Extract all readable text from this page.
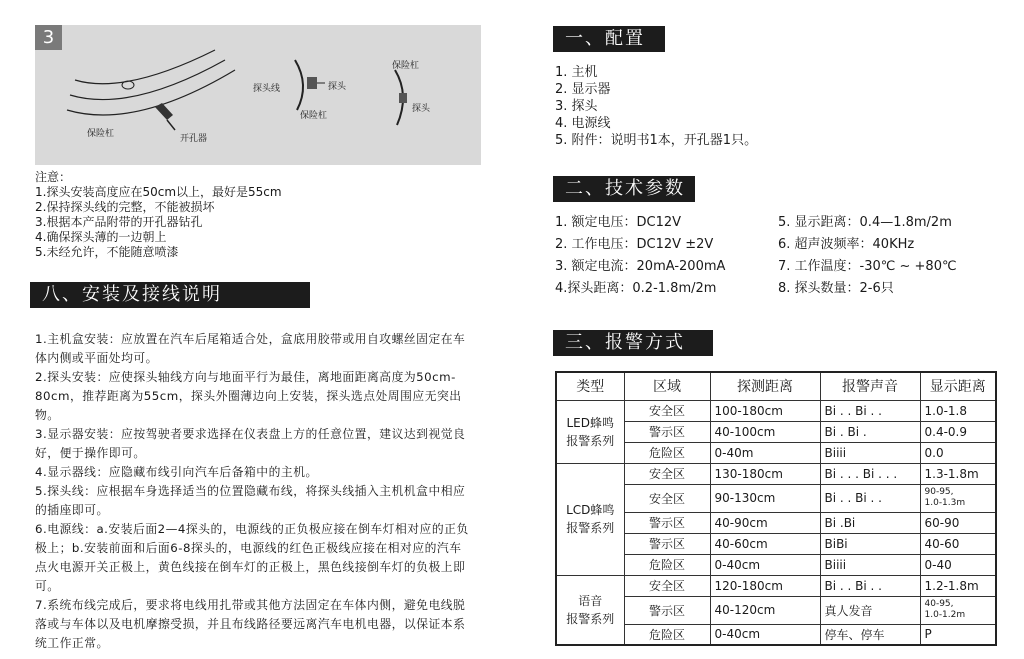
3
保险杠	开孔器
探头线	探头
保险杠
保险杠
探头
注意：
1.探头安装高度应在50cm以上，最好是55cm
2.保持探头线的完整，不能被损坏
3.根据本产品附带的开孔器钻孔
4.确保探头薄的一边朝上
5.未经允许，不能随意喷漆
八、安装及接线说明

1.主机盒安装：应放置在汽车后尾箱适合处，盒底用胶带或用自攻螺丝固定在车体内侧或平面处均可。

2.探头安装：应使探头轴线方向与地面平行为最佳，离地面距离高度为50cm-80cm，推荐距离为55cm，探头外圈薄边向上安装，探头选点处周围应无突出物。

3.显示器安装：应按驾驶者要求选择在仪表盘上方的任意位置，建议达到视觉良好，便于操作即可。

4.显示器线：应隐藏布线引向汽车后备箱中的主机。

5.探头线：应根据车身选择适当的位置隐藏布线，将探头线插入主机机盒中相应的插座即可。

6.电源线：a.安装后面2—4探头的，电源线的正负极应接在倒车灯相对应的正负极上；b.安装前面和后面6-8探头的，电源线的红色正极线应接在相对应的汽车点火电源开关正极上，黄色线接在倒车灯的正极上，黑色线接倒车灯的负极上即可。

7.系统布线完成后，要求将电线用扎带或其他方法固定在车体内侧，避免电线脱落或与车体以及电机摩擦受损，并且布线路径要远离汽车电机电器，以保证本系统工作正常。

一、配置
1. 主机
2. 显示器
3. 探头
4. 电源线
5. 附件：说明书1本，开孔器1只。
二、技术参数
1. 额定电压：DC12V	5. 显示距离：0.4—1.8m/2m
2. 工作电压：DC12V ±2V	6. 超声波频率：40KHz
3. 额定电流：20mA-200mA	7. 工作温度：-30℃ ~ +80℃
4.探头距离：0.2-1.8m/2m	8. 探头数量：2-6只
三、报警方式
类型	区域	探测距离	报警声音	显示距离

LED蜂鸣
报警系列	安全区	100-180cm	Bi . . Bi . .	1.0-1.8
	警示区	40-100cm	Bi . Bi .	0.4-0.9
	危险区	0-40m	Biiii	0.0

LCD蜂鸣
报警系列	安全区	130-180cm	Bi . . . Bi . . .	1.3-1.8m
	安全区	90-130cm	Bi . . Bi . .	90-95,
1.0-1.3m

	警示区	40-90cm	Bi .Bi	60-90
	警示区	40-60cm	BiBi	40-60
	危险区	0-40cm	Biiii	0-40

语音
报警系列	安全区	120-180cm	Bi . . Bi . .	1.2-1.8m
	警示区	40-120cm	真人发音	40-95,
1.0-1.2m

	危险区	0-40cm	停车、停车	P
